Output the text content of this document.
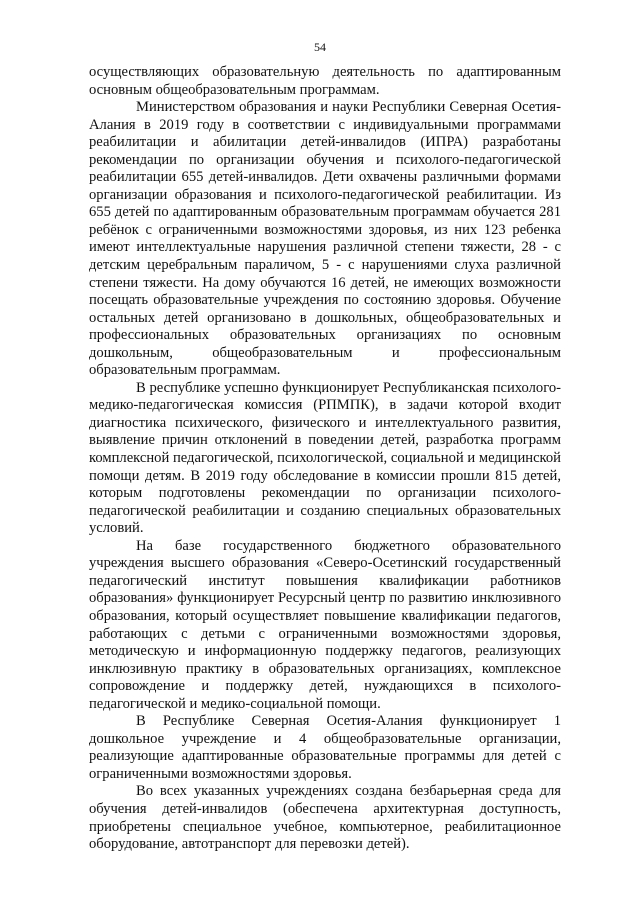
54

осуществляющих образовательную деятельность по адаптированным основным общеобразовательным программам.

Министерством образования и науки Республики Северная Осетия-Алания в 2019 году в соответствии с индивидуальными программами реабилитации и абилитации детей-инвалидов (ИПРА) разработаны рекомендации по организации обучения и психолого-педагогической реабилитации 655 детей-инвалидов. Дети охвачены различными формами организации образования и психолого-педагогической реабилитации. Из 655 детей по адаптированным образовательным программам обучается 281 ребёнок с ограниченными возможностями здоровья, из них 123 ребенка имеют интеллектуальные нарушения различной степени тяжести, 28 - с детским церебральным параличом, 5 - с нарушениями слуха различной степени тяжести. На дому обучаются 16 детей, не имеющих возможности посещать образовательные учреждения по состоянию здоровья. Обучение остальных детей организовано в дошкольных, общеобразовательных и профессиональных образовательных организациях по основным дошкольным, общеобразовательным и профессиональным образовательным программам.

В республике успешно функционирует Республиканская психолого-медико-педагогическая комиссия (РПМПК), в задачи которой входит диагностика психического, физического и интеллектуального развития, выявление причин отклонений в поведении детей, разработка программ комплексной педагогической, психологической, социальной и медицинской помощи детям. В 2019 году обследование в комиссии прошли 815 детей, которым подготовлены рекомендации по организации психолого-педагогической реабилитации и созданию специальных образовательных условий.

На базе государственного бюджетного образовательного учреждения высшего образования «Северо-Осетинский государственный педагогический институт повышения квалификации работников образования» функционирует Ресурсный центр по развитию инклюзивного образования, который осуществляет повышение квалификации педагогов, работающих с детьми с ограниченными возможностями здоровья, методическую и информационную поддержку педагогов, реализующих инклюзивную практику в образовательных организациях, комплексное сопровождение и поддержку детей, нуждающихся в психолого-педагогической и медико-социальной помощи.

В Республике Северная Осетия-Алания функционирует 1 дошкольное учреждение и 4 общеобразовательные организации, реализующие адаптированные образовательные программы для детей с ограниченными возможностями здоровья.

Во всех указанных учреждениях создана безбарьерная среда для обучения детей-инвалидов (обеспечена архитектурная доступность, приобретены специальное учебное, компьютерное, реабилитационное оборудование, автотранспорт для перевозки детей).
